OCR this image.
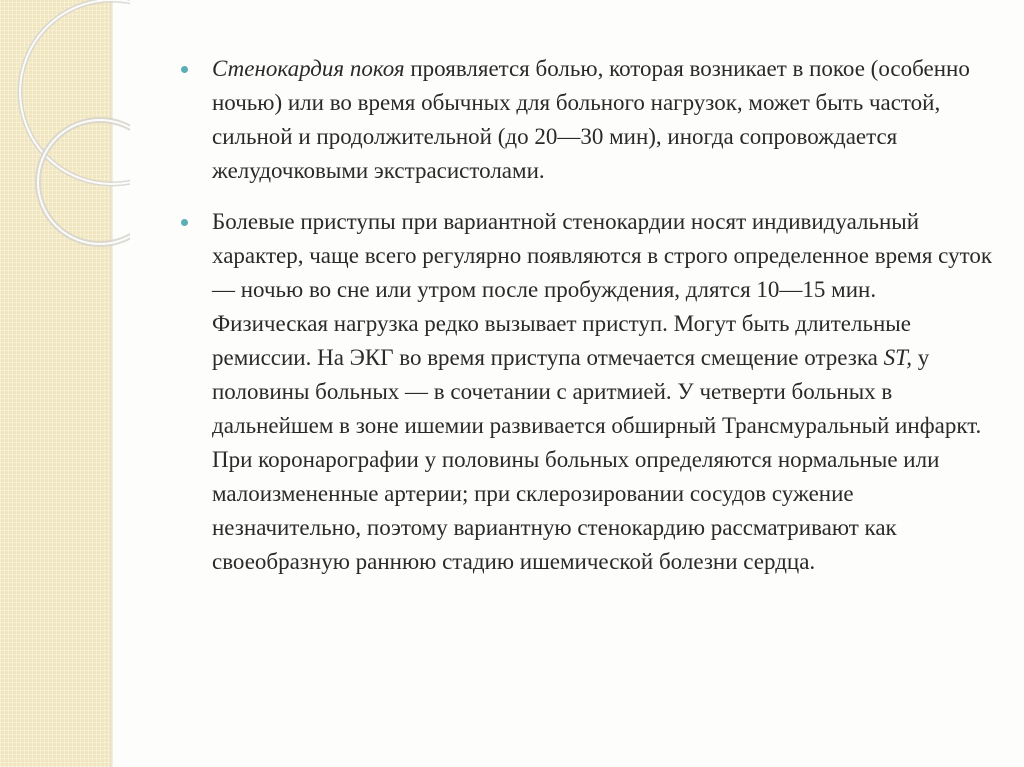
Стенокардия покоя проявляется болью, которая возникает в покое (особенно ночью) или во время обычных для больного нагрузок, может быть частой, сильной и продолжительной (до 20—30 мин), иногда сопровождается желудочковыми экстрасистолами.
Болевые приступы при вариантной стенокардии носят индивидуальный характер, чаще всего регулярно появляются в строго определенное время суток — ночью во сне или утром после пробуждения, длятся 10—15 мин. Физическая нагрузка редко вызывает приступ. Могут быть длительные ремиссии. На ЭКГ во время приступа отмечается смещение отрезка ST, у половины больных — в сочетании с аритмией. У четверти больных в дальнейшем в зоне ишемии развивается обширный Трансмуральный инфаркт. При коронарографии у половины больных определяются нормальные или малоизмененные артерии; при склерозировании сосудов сужение незначительно, поэтому вариантную стенокардию рассматривают как своеобразную раннюю стадию ишемической болезни сердца.
